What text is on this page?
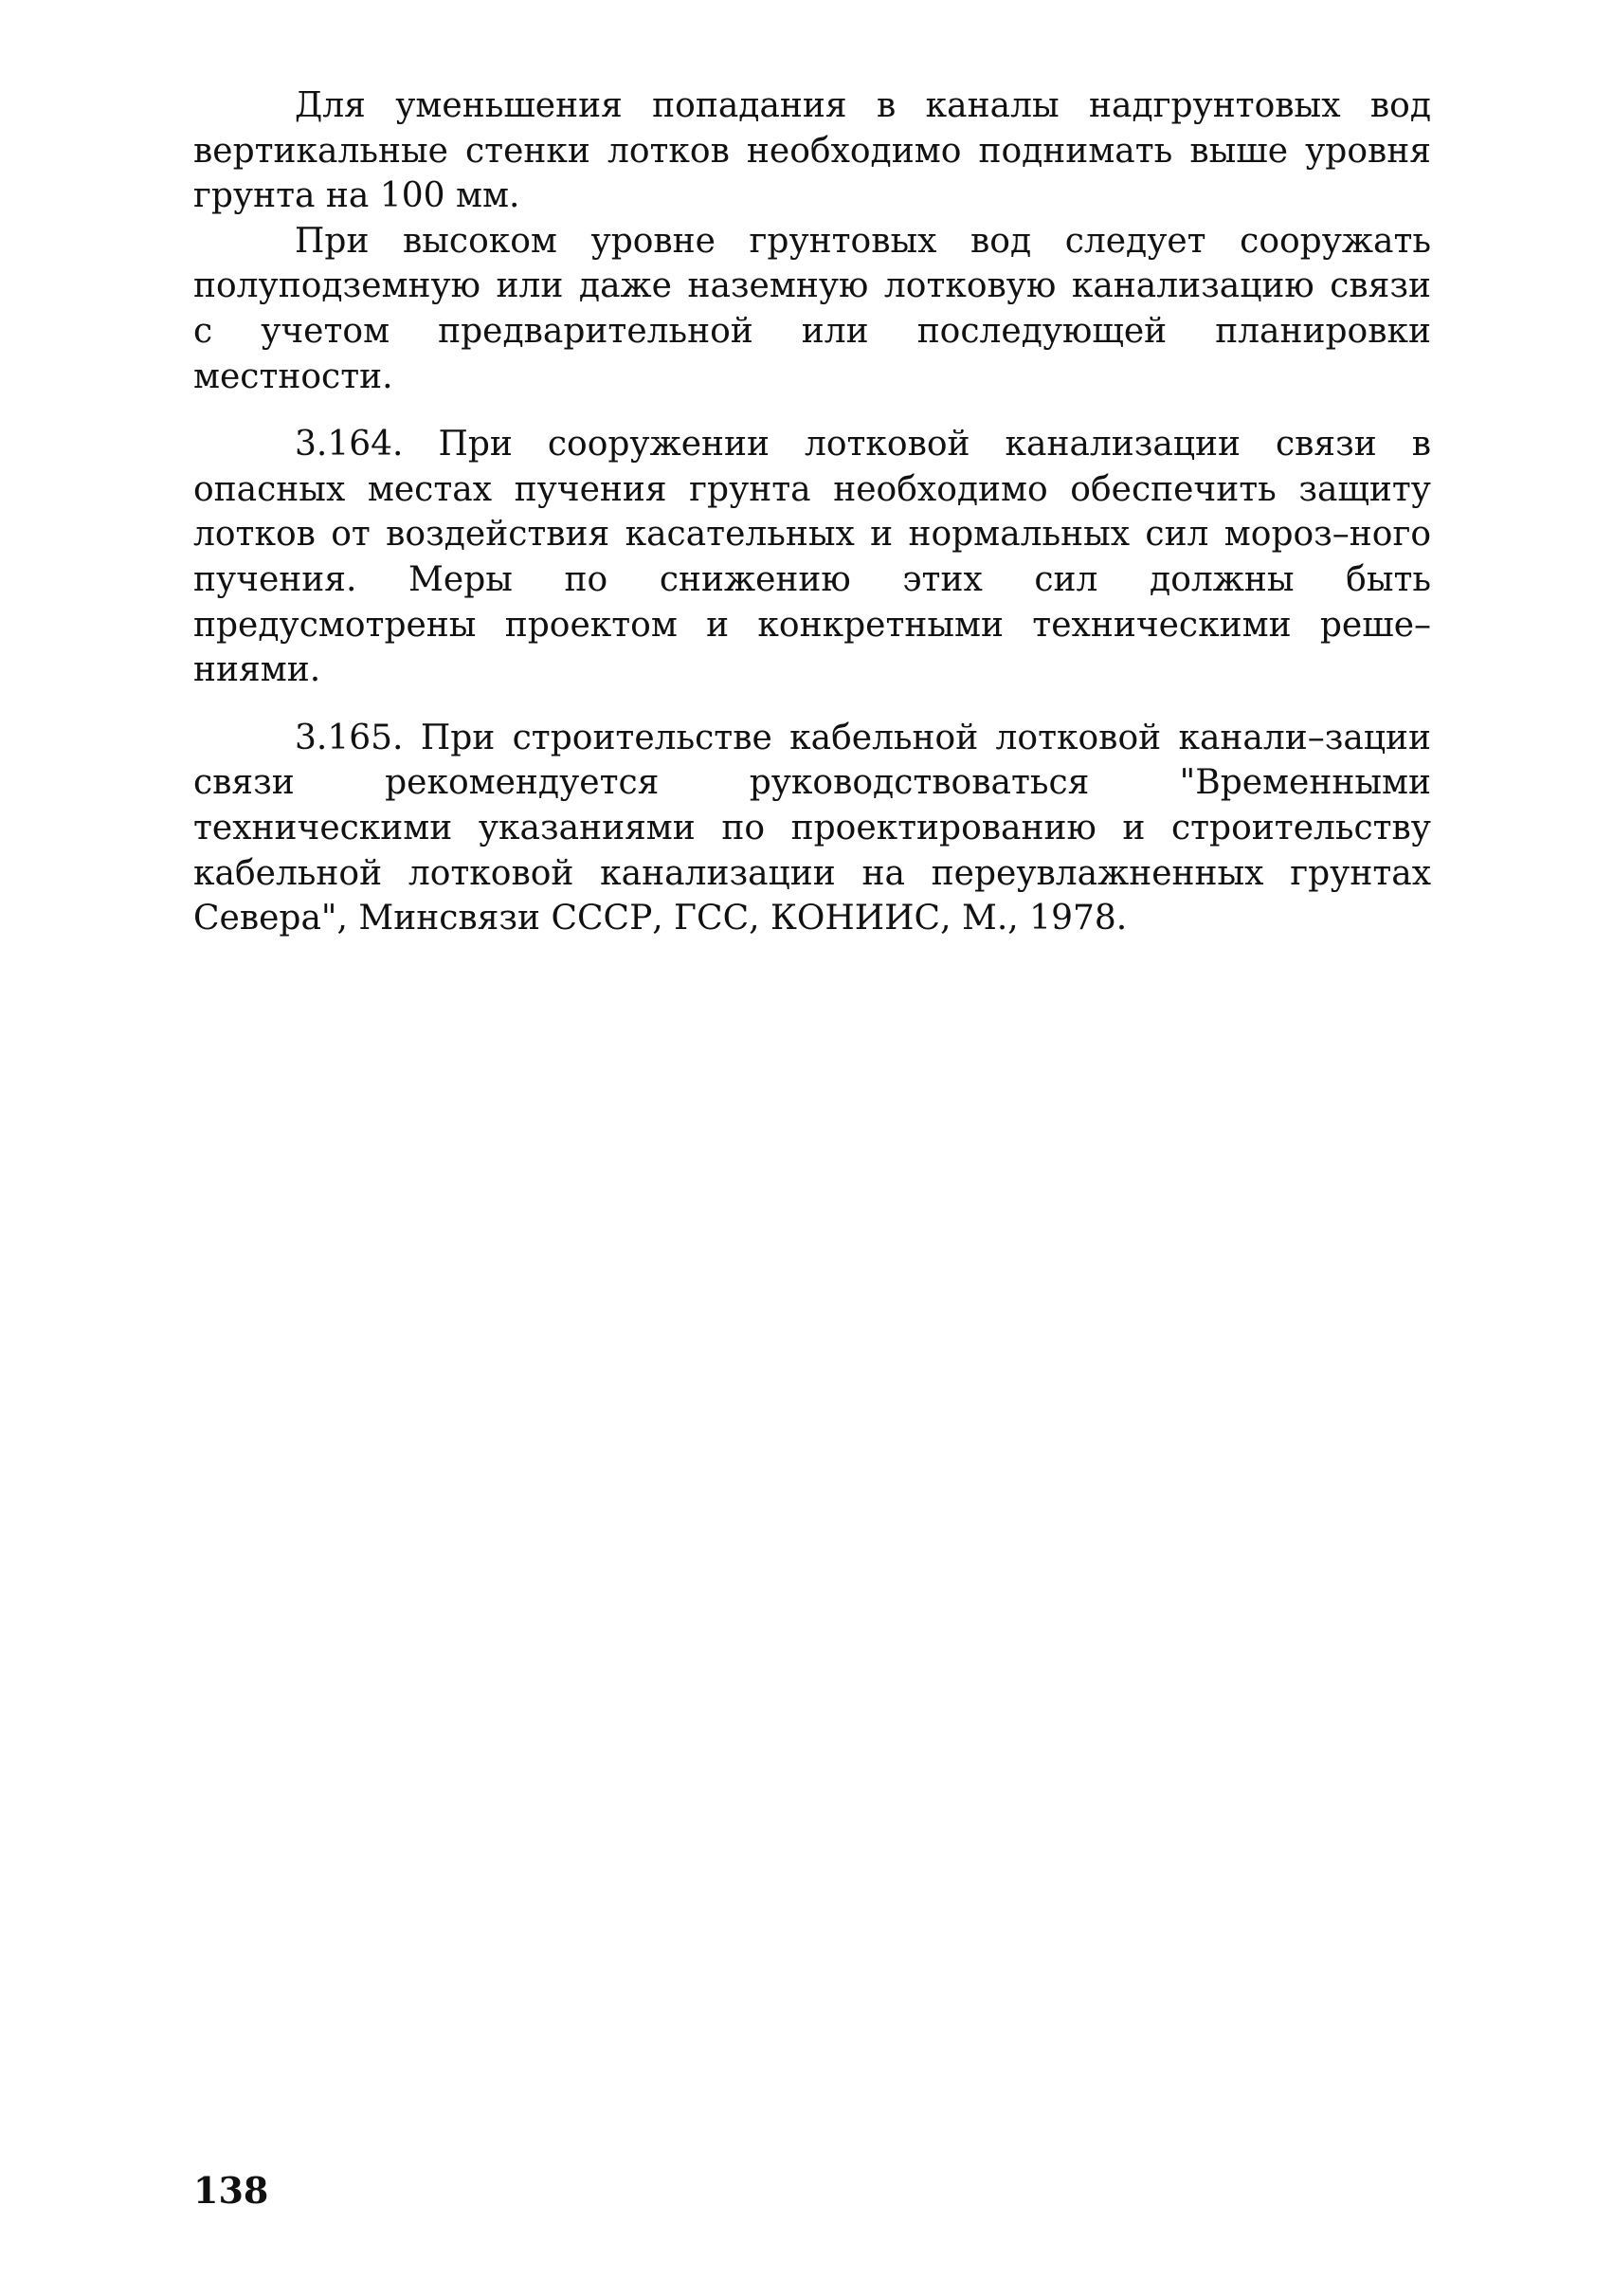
Для уменьшения попадания в каналы надгрунтовых вод вертикальные стенки лотков необходимо поднимать выше уровня грунта на 100 мм.

При высоком уровне грунтовых вод следует сооружать полуподземную или даже наземную лотковую канализацию связи с учетом предварительной или последующей планировки местности.

3.164. При сооружении лотковой канализации связи в опасных местах пучения грунта необходимо обеспечить защиту лотков от воздействия касательных и нормальных сил мороз–ного пучения. Меры по снижению этих сил должны быть предусмотрены проектом и конкретными техническими реше–ниями.

3.165. При строительстве кабельной лотковой канали–зации связи рекомендуется руководствоваться "Временными техническими указаниями по проектированию и строительству кабельной лотковой канализации на переувлажненных грунтах Севера", Минсвязи СССР, ГСС, КОНИИС, М., 1978.

138
